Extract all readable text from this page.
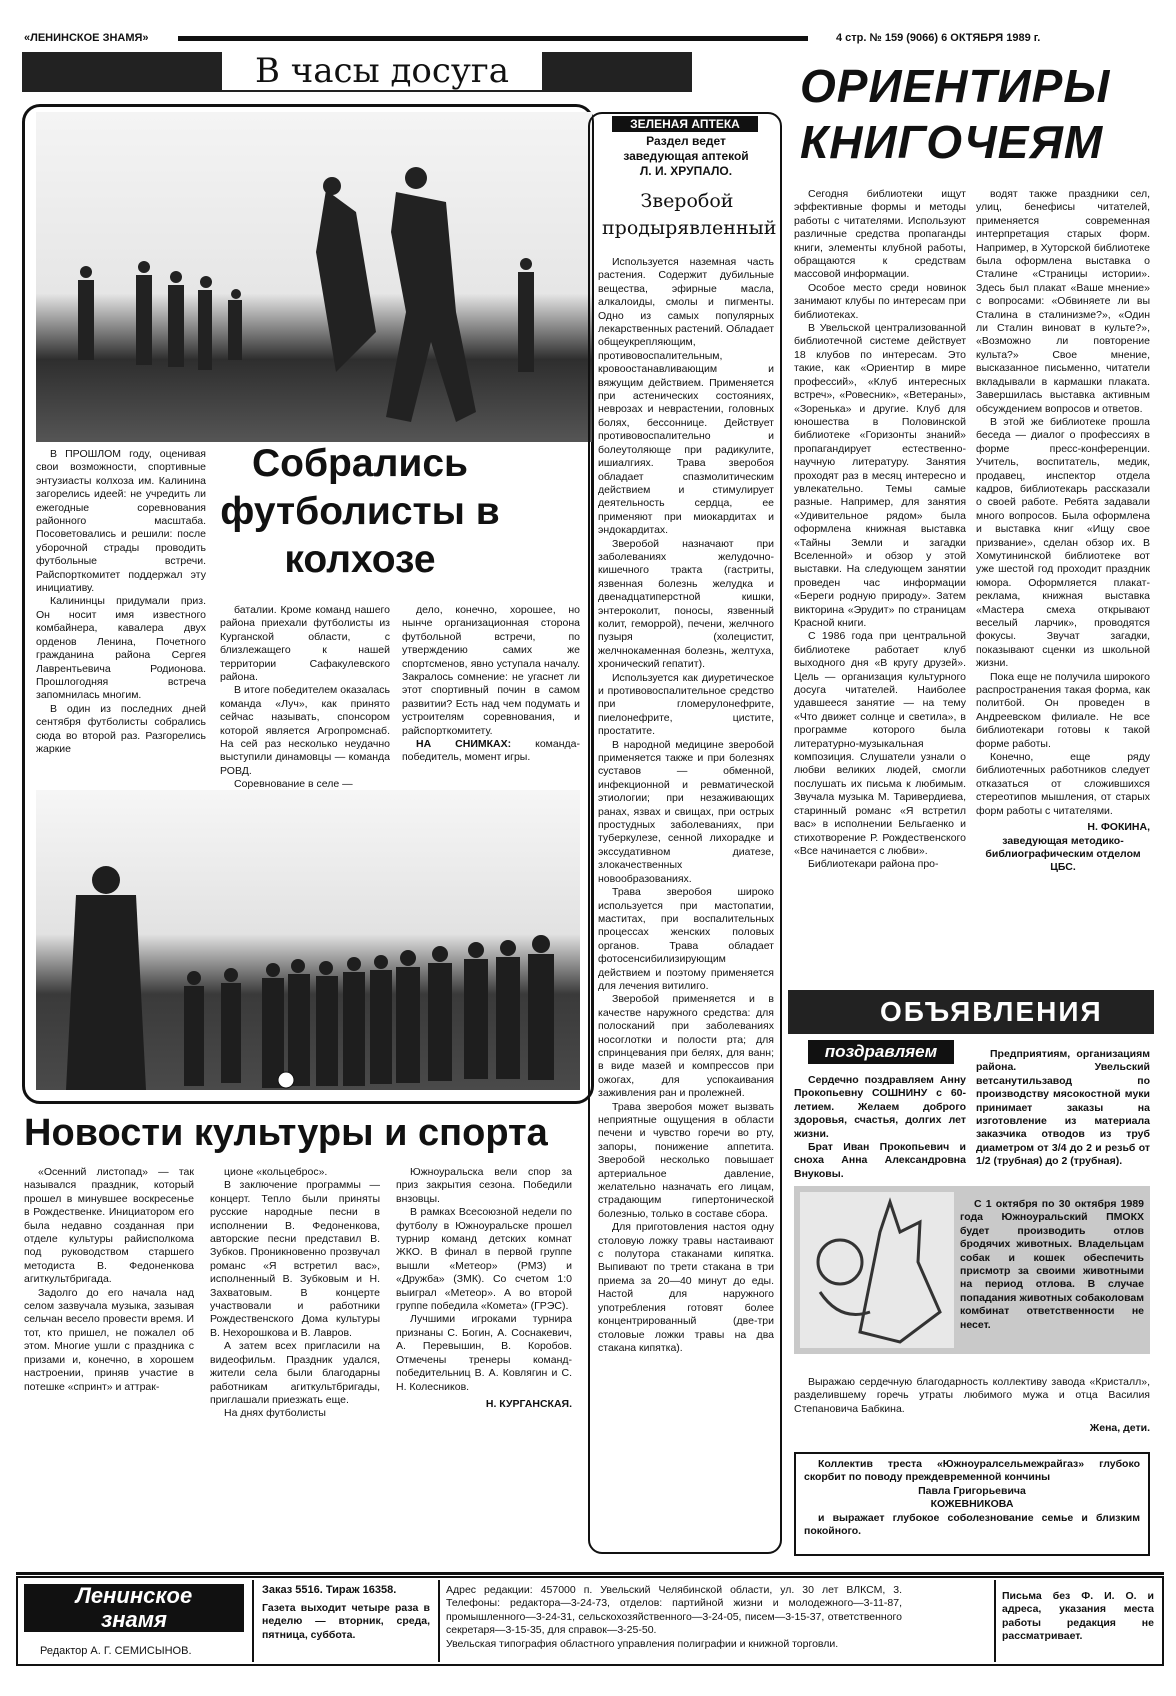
«ЛЕНИНСКОЕ ЗНАМЯ»	4 стр. № 159 (9066) 6 ОКТЯБРЯ 1989 г.
В часы досуга
Собрались футболисты в колхозе

В ПРОШЛОМ году, оценивая свои возможности, спортивные энтузиасты колхоза им. Калинина загорелись идеей: не учредить ли ежегодные соревнования районного масштаба. Посоветовались и решили: после уборочной страды проводить футбольные встречи. Райспорткомитет поддержал эту инициативу.

Калининцы придумали приз. Он носит имя известного комбайнера, кавалера двух орденов Ленина, Почетного гражданина района Сергея Лаврентьевича Родионова. Прошлогодняя встреча запомнилась многим.

В один из последних дней сентября футболисты собрались сюда во второй раз. Разгорелись жаркие

баталии. Кроме команд нашего района приехали футболисты из Курганской области, с близлежащего к нашей территории Сафакулевского района.

В итоге победителем оказалась команда «Луч», как принято сейчас называть, спонсором которой является Агропромснаб. На сей раз несколько неудачно выступили динамовцы — команда РОВД.

Соревнование в селе —

дело, конечно, хорошее, но нынче организационная сторона футбольной встречи, по утверждению самих же спортсменов, явно уступала началу. Закралось сомнение: не угаснет ли этот спортивный почин в самом развитии? Есть над чем подумать и устроителям соревнования, и райспорткомитету.

НА СНИМКАХ: команда-победитель, момент игры.

Новости культуры и спорта

«Осенний листопад» — так назывался праздник, который прошел в минувшее воскресенье в Рождественке. Инициатором его была недавно созданная при отделе культуры райисполкома под руководством старшего методиста В. Федоненкова агиткультбригада.

Задолго до его начала над селом зазвучала музыка, зазывая сельчан весело провести время. И тот, кто пришел, не пожалел об этом. Многие ушли с праздника с призами и, конечно, в хорошем настроении, приняв участие в потешке «спринт» и аттрак-

ционе «кольцеброс».

В заключение программы — концерт. Тепло были приняты русские народные песни в исполнении В. Федоненкова, авторские песни представил В. Зубков. Проникновенно прозвучал романс «Я встретил вас», исполненный В. Зубковым и Н. Захватовым. В концерте участвовали и работники Рождественского Дома культуры В. Нехорошкова и В. Лавров.

А затем всех пригласили на видеофильм. Праздник удался, жители села были благодарны работникам агиткультбригады, приглашали приезжать еще.

На днях футболисты

Южноуральска вели спор за приз закрытия сезона. Победили внзовцы.

В рамках Всесоюзной недели по футболу в Южноуральске прошел турнир команд детских комнат ЖКО. В финал в первой группе вышли «Метеор» (РМЗ) и «Дружба» (ЗМК). Со счетом 1:0 выиграл «Метеор». А во второй группе победила «Комета» (ГРЭС).

Лучшими игроками турнира признаны С. Богин, А. Соснакевич, А. Перевышин, В. Коробов. Отмечены тренеры команд-победительниц В. А. Ковлягин и С. Н. Колесников.

Н. КУРГАНСКАЯ.
ЗЕЛЕНАЯ АПТЕКА
Раздел ведет
заведующая аптекой
Л. И. ХРУПАЛО.
Зверобой продырявленный

Используется наземная часть растения. Содержит дубильные вещества, эфирные масла, алкалоиды, смолы и пигменты. Одно из самых популярных лекарственных растений. Обладает общеукрепляющим, противовоспалительным, кровоостанавливающим и вяжущим действием. Применяется при астенических состояниях, неврозах и неврастении, головных болях, бессоннице. Действует противовоспалительно и болеутоляюще при радикулите, ишиалгиях. Трава зверобоя обладает спазмолитическим действием и стимулирует деятельность сердца, ее применяют при миокардитах и эндокардитах.

Зверобой назначают при заболеваниях желудочно-кишечного тракта (гастриты, язвенная болезнь желудка и двенадцатиперстной кишки, энтероколит, поносы, язвенный колит, геморрой), печени, желчного пузыря (холецистит, желчнокаменная болезнь, желтуха, хронический гепатит).

Используется как диуретическое и противовоспалительное средство при гломерулонефрите, пиелонефрите, цистите, простатите.

В народной медицине зверобой применяется также и при болезнях суставов — обменной, инфекционной и ревматической этиологии; при незаживающих ранах, язвах и свищах, при острых простудных заболеваниях, при туберкулезе, сенной лихорадке и экссудативном диатезе, злокачественных новообразованиях.

Трава зверобоя широко используется при мастопатии, маститах, при воспалительных процессах женских половых органов. Трава обладает фотосенсибилизирующим действием и поэтому применяется для лечения витилиго.

Зверобой применяется и в качестве наружного средства: для полосканий при заболеваниях носоглотки и полости рта; для спринцевания при белях, для ванн; в виде мазей и компрессов при ожогах, для успокаивания заживления ран и пролежней.

Трава зверобоя может вызвать неприятные ощущения в области печени и чувство горечи во рту, запоры, понижение аппетита. Зверобой несколько повышает артериальное давление, желательно назначать его лицам, страдающим гипертонической болезнью, только в составе сбора.

Для приготовления настоя одну столовую ложку травы настаивают с полутора стаканами кипятка. Выпивают по трети стакана в три приема за 20—40 минут до еды. Настой для наружного употребления готовят более концентрированный (две-три столовые ложки травы на два стакана кипятка).

ОРИЕНТИРЫ
КНИГОЧЕЯМ

Сегодня библиотеки ищут эффективные формы и методы работы с читателями. Используют различные средства пропаганды книги, элементы клубной работы, обращаются к средствам массовой информации.

Особое место среди новинок занимают клубы по интересам при библиотеках.

В Увельской централизованной библиотечной системе действует 18 клубов по интересам. Это такие, как «Ориентир в мире профессий», «Клуб интересных встреч», «Ровесник», «Ветераны», «Зоренька» и другие. Клуб для юношества в Половинской библиотеке «Горизонты знаний» пропагандирует естественно-научную литературу. Занятия проходят раз в месяц интересно и увлекательно. Темы самые разные. Например, для занятия «Удивительное рядом» была оформлена книжная выставка «Тайны Земли и загадки Вселенной» и обзор у этой выставки. На следующем занятии проведен час информации «Береги родную природу». Затем викторина «Эрудит» по страницам Красной книги.

С 1986 года при центральной библиотеке работает клуб выходного дня «В кругу друзей». Цель — организация культурного досуга читателей. Наиболее удавшееся занятие — на тему «Что движет солнце и светила», в программе которого была литературно-музыкальная композиция. Слушатели узнали о любви великих людей, смогли послушать их письма к любимым. Звучала музыка М. Таривердиева, старинный романс «Я встретил вас» в исполнении Бельгаенко и стихотворение Р. Рождественского «Все начинается с любви».

Библиотекари района про-

водят также праздники сел, улиц, бенефисы читателей, применяется современная интерпретация старых форм. Например, в Хуторской библиотеке была оформлена выставка о Сталине «Страницы истории». Здесь был плакат «Ваше мнение» с вопросами: «Обвиняете ли вы Сталина в сталинизме?», «Один ли Сталин виноват в культе?», «Возможно ли повторение культа?» Свое мнение, высказанное письменно, читатели вкладывали в кармашки плаката. Завершилась выставка активным обсуждением вопросов и ответов.

В этой же библиотеке прошла беседа — диалог о профессиях в форме пресс-конференции. Учитель, воспитатель, медик, продавец, инспектор отдела кадров, библиотекарь рассказали о своей работе. Ребята задавали много вопросов. Была оформлена и выставка книг «Ищу свое призвание», сделан обзор их. В Хомутининской библиотеке вот уже шестой год проходит праздник юмора. Оформляется плакат-реклама, книжная выставка «Мастера смеха открывают веселый ларчик», проводятся фокусы. Звучат загадки, показывают сценки из школьной жизни.

Пока еще не получила широкого распространения такая форма, как политбой. Он проведен в Андреевском филиале. Не все библиотекари готовы к такой форме работы.

Конечно, еще ряду библиотечных работников следует отказаться от сложившихся стереотипов мышления, от старых форм работы с читателями.

Н. ФОКИНА,
заведующая методико-библиографическим отделом ЦБС.
ОБЪЯВЛЕНИЯ
поздравляем

Сердечно поздравляем Анну Прокопьевну СОШНИНУ с 60-летием. Желаем доброго здоровья, счастья, долгих лет жизни.

Брат Иван Прокопьевич и сноха Анна Александровна Внуковы.

Предприятиям, организациям района. Увельский ветсанутильзавод по производству мясокостной муки принимает заказы на изготовление из материала заказчика отводов из труб диаметром от 3/4 до 2 и резьб от 1/2 (трубная) до 2 (трубная).

С 1 октября по 30 октября 1989 года Южноуральский ПМОКХ будет производить отлов бродячих животных. Владельцам собак и кошек обеспечить присмотр за своими животными на период отлова. В случае попадания животных собаколовам комбинат ответственности не несет.

Выражаю сердечную благодарность коллективу завода «Кристалл», разделившему горечь утраты любимого мужа и отца Василия Степановича Бабкина.

Жена, дети.

Коллектив треста «Южноуралсельмежрайгаз» глубоко скорбит по поводу преждевременной кончины

Павла Григорьевича
КОЖЕВНИКОВА

и выражает глубокое соболезнование семье и близким покойного.

Ленинское
знамя
Редактор А. Г. СЕМИСЫНОВ.
Заказ 5516. Тираж 16358.
Газета выходит четыре раза в неделю — вторник, среда, пятница, суббота.
Адрес редакции: 457000 п. Увельский Челябинской области, ул. 30 лет ВЛКСМ, 3. Телефоны: редактора—3-24-73, отделов: партийной жизни и молодежного—3-11-87, промышленного—3-24-31, сельскохозяйственного—3-24-05, писем—3-15-37, ответственного секретаря—3-15-35, для справок—3-25-50.
Увельская типография областного управления полиграфии и книжной торговли.
Письма без Ф. И. О. и адреса, указания места работы редакция не рассматривает.
